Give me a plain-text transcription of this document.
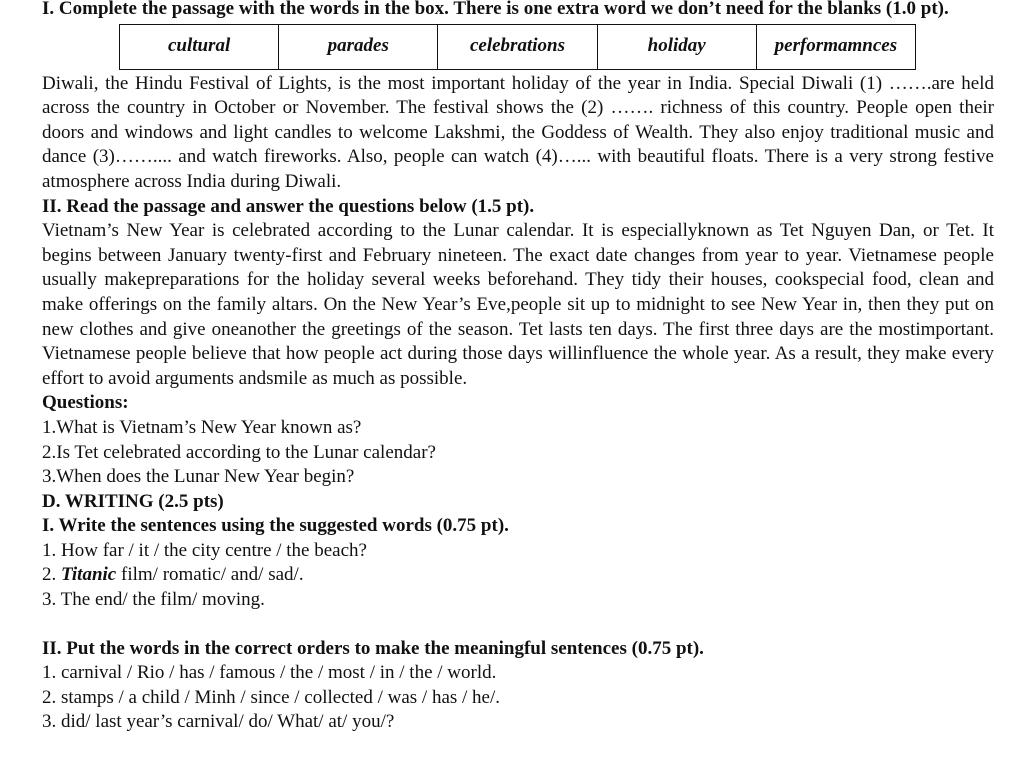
I. Complete the passage with the words in the box. There is one extra word we don’t need for the blanks (1.0 pt).

cultural	parades	celebrations	holiday	performamnces

Diwali, the Hindu Festival of Lights, is the most important holiday of the year in India. Special Diwali (1) …….are held across the country in October or November. The festival shows the (2) ……. richness of this country. People open their doors and windows and light candles to welcome Lakshmi, the Goddess of Wealth. They also enjoy traditional music and dance (3)…….... and watch fireworks. Also, people can watch (4)…... with beautiful floats. There is a very strong festive atmosphere across India during Diwali.

II. Read the passage and answer the questions below (1.5 pt).

Vietnam’s New Year is celebrated according to the Lunar calendar. It is especiallyknown as Tet Nguyen Dan, or Tet. It begins between January twenty-first and February nineteen. The exact date changes from year to year. Vietnamese people usually makepreparations for the holiday several weeks beforehand. They tidy their houses, cookspecial food, clean and make offerings on the family altars. On the New Year’s Eve,people sit up to midnight to see New Year in, then they put on new clothes and give oneanother the greetings of the season. Tet lasts ten days. The first three days are the mostimportant. Vietnamese people believe that how people act during those days willinfluence the whole year. As a result, they make every effort to avoid arguments andsmile as much as possible.

Questions:

1.What is Vietnam’s New Year known as?

2.Is Tet celebrated according to the Lunar calendar?

3.When does the Lunar New Year begin?

D. WRITING (2.5 pts)

I. Write the sentences using the suggested words (0.75 pt).

1. How far / it / the city centre / the beach?

2. Titanic film/ romatic/ and/ sad/.

3. The end/ the film/ moving.

II. Put the words in the correct orders to make the meaningful sentences (0.75 pt).

1. carnival / Rio / has / famous / the / most / in / the / world.

2. stamps / a child / Minh / since / collected / was / has / he/.

3. did/ last year’s carnival/ do/ What/ at/ you/?
